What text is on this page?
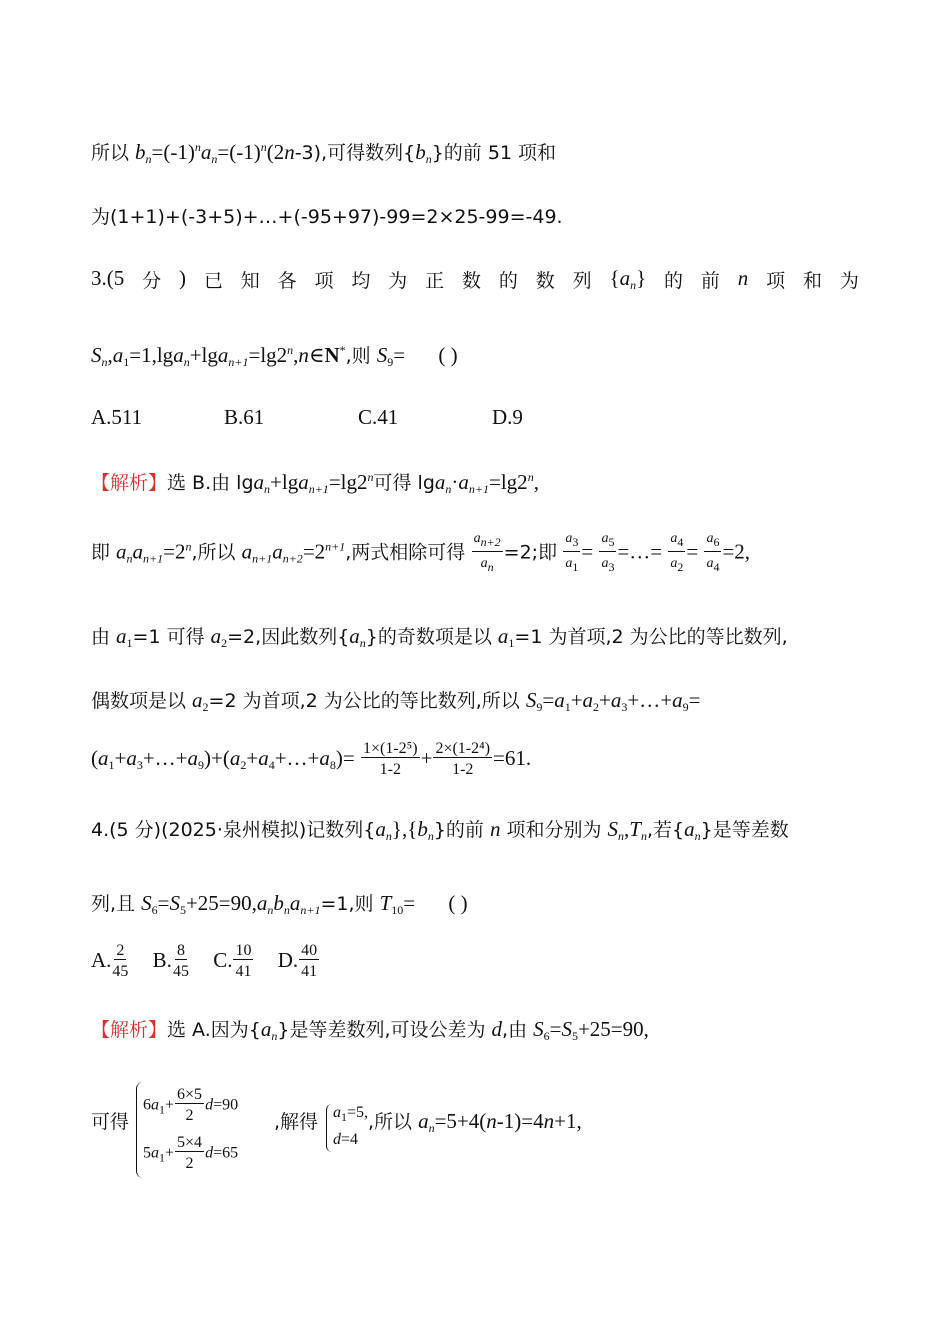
所以 $b_n=(-1)^na_n=(-1)^n(2n-3)$,可得数列$\{b_n\}$的前 51 项和
为(1+1)+(-3+5)+…+(-95+97)-99=2×25-99=-49.
3.(5 分 ) 已 知 各 项 均 为 正 数 的 数 列 $\{a_n\}$ 的 前 n 项 和 为
$S_n,a_1=1,\lg a_n+\lg a_{n+1}=\lg 2^n,n\in N^*$,则 $S_9=$ ( )
A.511	B.61	C.41	D.9
【解析】选 B.由 $\lg a_n+\lg a_{n+1}=\lg 2^n$可得 $\lg a_n\cdot a_{n+1}=\lg 2^n$,
即 $a_na_{n+1}=2^n$,所以 $a_{n+1}a_{n+2}=2^{n+1}$,两式相除可得 $\frac{a_{n+2}}{a_n} =2$;即 $\frac{a_3}{a_1} = \frac{a_5}{a_3}$ =…= $\frac{a_4}{a_2} = \frac{a_6}{a_4} =2$,
由 $a_1=1$ 可得 $a_2=2$,因此数列$\{a_n\}$的奇数项是以 $a_1=1$ 为首项,2 为公比的等比数列,
偶数项是以 $a_2=2$ 为首项,2 为公比的等比数列,所以 $S_9=a_1+a_2+a_3+\dots+a_9=$
$(a_1+a_3+\dots+a_9)+(a_2+a_4+\dots+a_8)= \frac{\text{1×(1-2⁵)}}{1-2} + \frac{\text{2×(1-2⁴)}}{1-2} =61$.
4.(5 分)(2025·泉州模拟)记数列$\{a_n\},\{b_n\}$的前 n 项和分别为 $S_n,T_n$,若$\{a_n\}$是等差数
列,且 $S_6=S_5+25=90,a_nb_na_{n+1}=1$,则 $T_{10}=$ ( )
A. $\frac{2}{45} B$. $\frac{8}{45} C$. $\frac{10}{41} D$. $\frac{40}{41}$
【解析】选 A.因为$\{a_n\}$是等差数列,可设公差为 d,由 $S_6=S_5+25=90$,
可得
$6a_1+ \frac{6\times 5}{2} d=90$
$5a_1+ \frac{5\times 4}{2} d=65$
,解得 $a_1=5$,
d=4
,所以 $a_n=5+4(n-1)=4n+1$,
